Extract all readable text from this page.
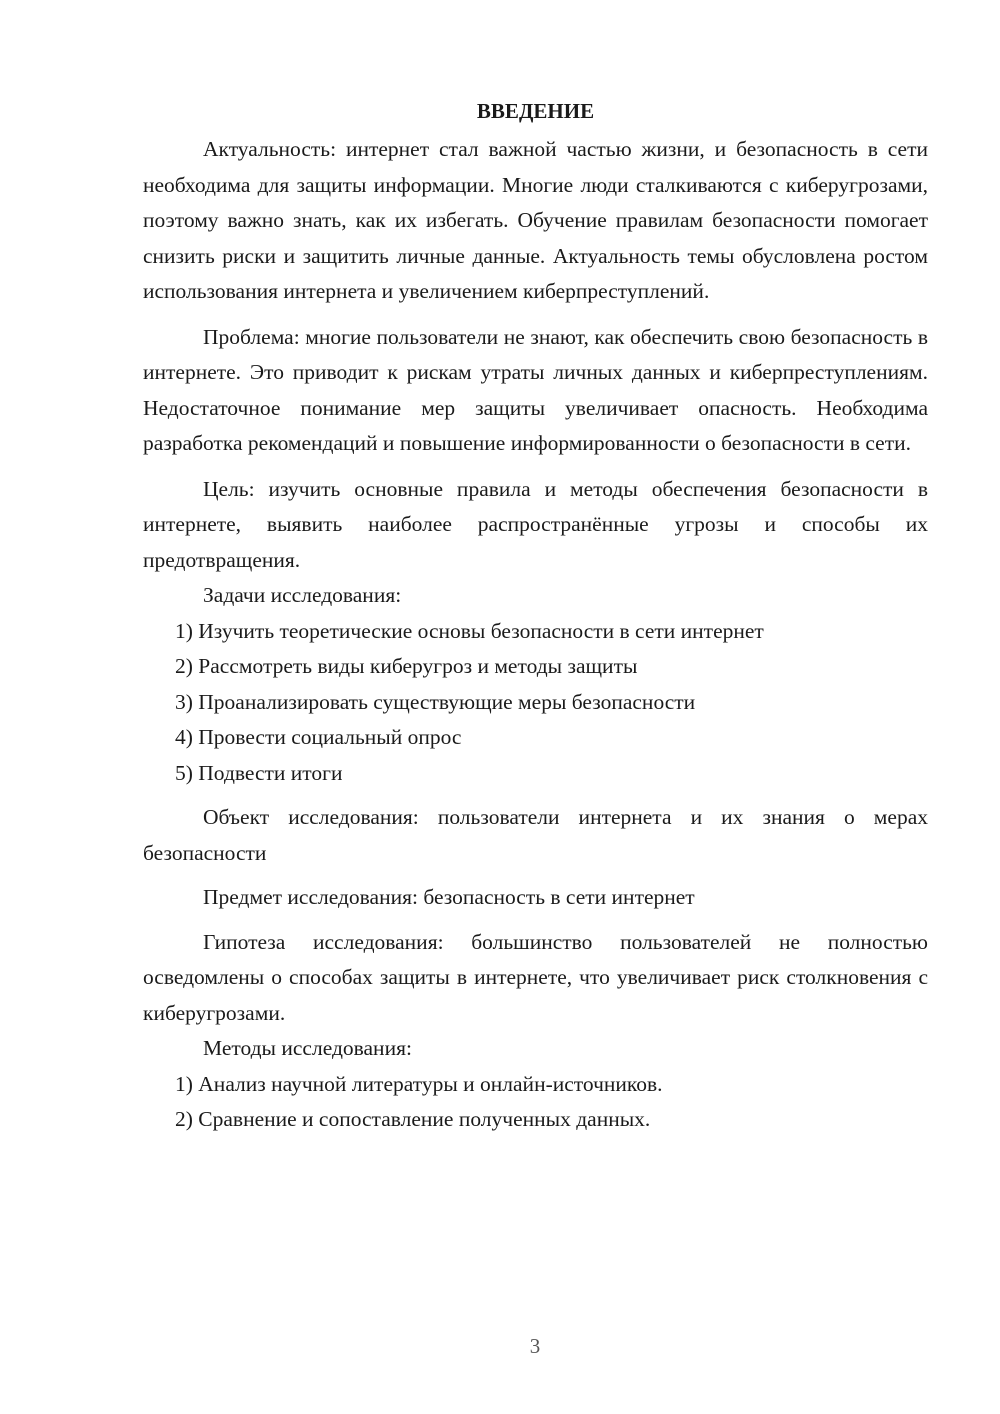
ВВЕДЕНИЕ

Актуальность: интернет стал важной частью жизни, и безопасность в сети необходима для защиты информации. Многие люди сталкиваются с киберугрозами, поэтому важно знать, как их избегать. Обучение правилам безопасности помогает снизить риски и защитить личные данные. Актуальность темы обусловлена ростом использования интернета и увеличением киберпреступлений.

Проблема: многие пользователи не знают, как обеспечить свою безопасность в интернете. Это приводит к рискам утраты личных данных и киберпреступлениям. Недостаточное понимание мер защиты увеличивает опасность. Необходима разработка рекомендаций и повышение информированности о безопасности в сети.

Цель: изучить основные правила и методы обеспечения безопасности в интернете, выявить наиболее распространённые угрозы и способы их предотвращения.

Задачи исследования:

1) Изучить теоретические основы безопасности в сети интернет

2) Рассмотреть виды киберугроз и методы защиты

3) Проанализировать существующие меры безопасности

4) Провести социальный опрос

5) Подвести итоги

Объект исследования: пользователи интернета и их знания о мерах безопасности

Предмет исследования: безопасность в сети интернет

Гипотеза исследования: большинство пользователей не полностью осведомлены о способах защиты в интернете, что увеличивает риск столкновения с киберугрозами.

Методы исследования:

1) Анализ научной литературы и онлайн-источников.

2) Сравнение и сопоставление полученных данных.

3
